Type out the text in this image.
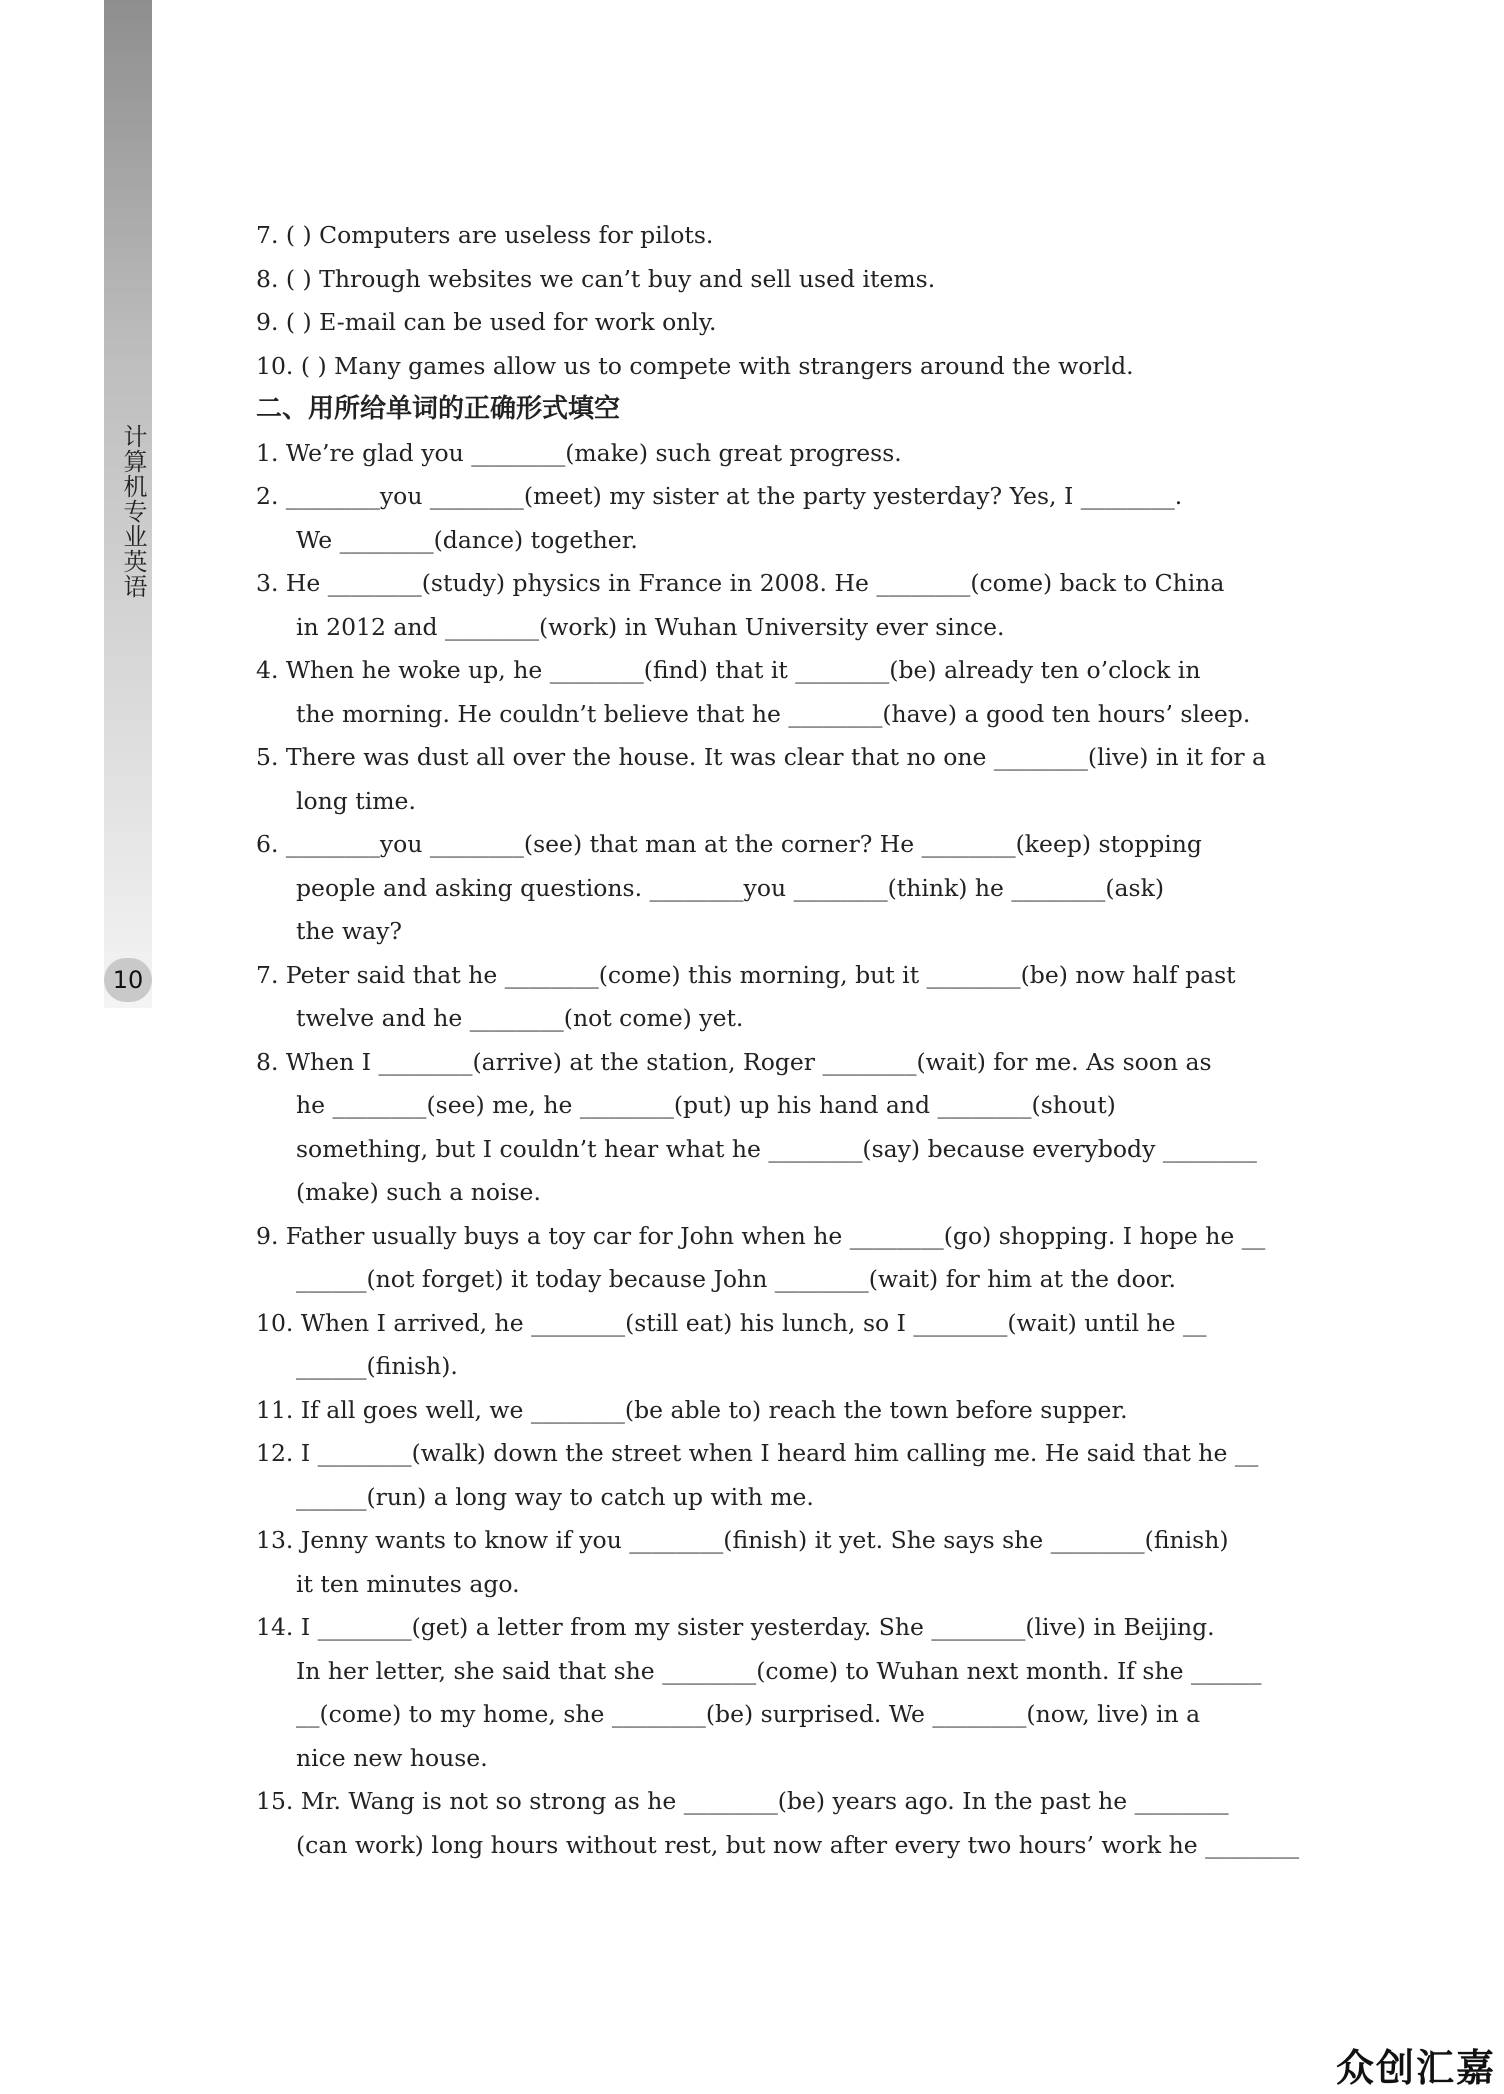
计算机专业英语
10
7. ( ) Computers are useless for pilots.
8. ( ) Through websites we can’t buy and sell used items.
9. ( ) E-mail can be used for work only.
10. ( ) Many games allow us to compete with strangers around the world.
二、用所给单词的正确形式填空
1. We’re glad you ________(make) such great progress.
2. ________you ________(meet) my sister at the party yesterday? Yes, I ________.
We ________(dance) together.
3. He ________(study) physics in France in 2008. He ________(come) back to China
in 2012 and ________(work) in Wuhan University ever since.
4. When he woke up, he ________(find) that it ________(be) already ten o’clock in
the morning. He couldn’t believe that he ________(have) a good ten hours’ sleep.
5. There was dust all over the house. It was clear that no one ________(live) in it for a
long time.
6. ________you ________(see) that man at the corner? He ________(keep) stopping
people and asking questions. ________you ________(think) he ________(ask)
the way?
7. Peter said that he ________(come) this morning, but it ________(be) now half past
twelve and he ________(not come) yet.
8. When I ________(arrive) at the station, Roger ________(wait) for me. As soon as
he ________(see) me, he ________(put) up his hand and ________(shout)
something, but I couldn’t hear what he ________(say) because everybody ________
(make) such a noise.
9. Father usually buys a toy car for John when he ________(go) shopping. I hope he __
______(not forget) it today because John ________(wait) for him at the door.
10. When I arrived, he ________(still eat) his lunch, so I ________(wait) until he __
______(finish).
11. If all goes well, we ________(be able to) reach the town before supper.
12. I ________(walk) down the street when I heard him calling me. He said that he __
______(run) a long way to catch up with me.
13. Jenny wants to know if you ________(finish) it yet. She says she ________(finish)
it ten minutes ago.
14. I ________(get) a letter from my sister yesterday. She ________(live) in Beijing.
In her letter, she said that she ________(come) to Wuhan next month. If she ______
__(come) to my home, she ________(be) surprised. We ________(now, live) in a
nice new house.
15. Mr. Wang is not so strong as he ________(be) years ago. In the past he ________
(can work) long hours without rest, but now after every two hours’ work he ________
众创汇嘉
